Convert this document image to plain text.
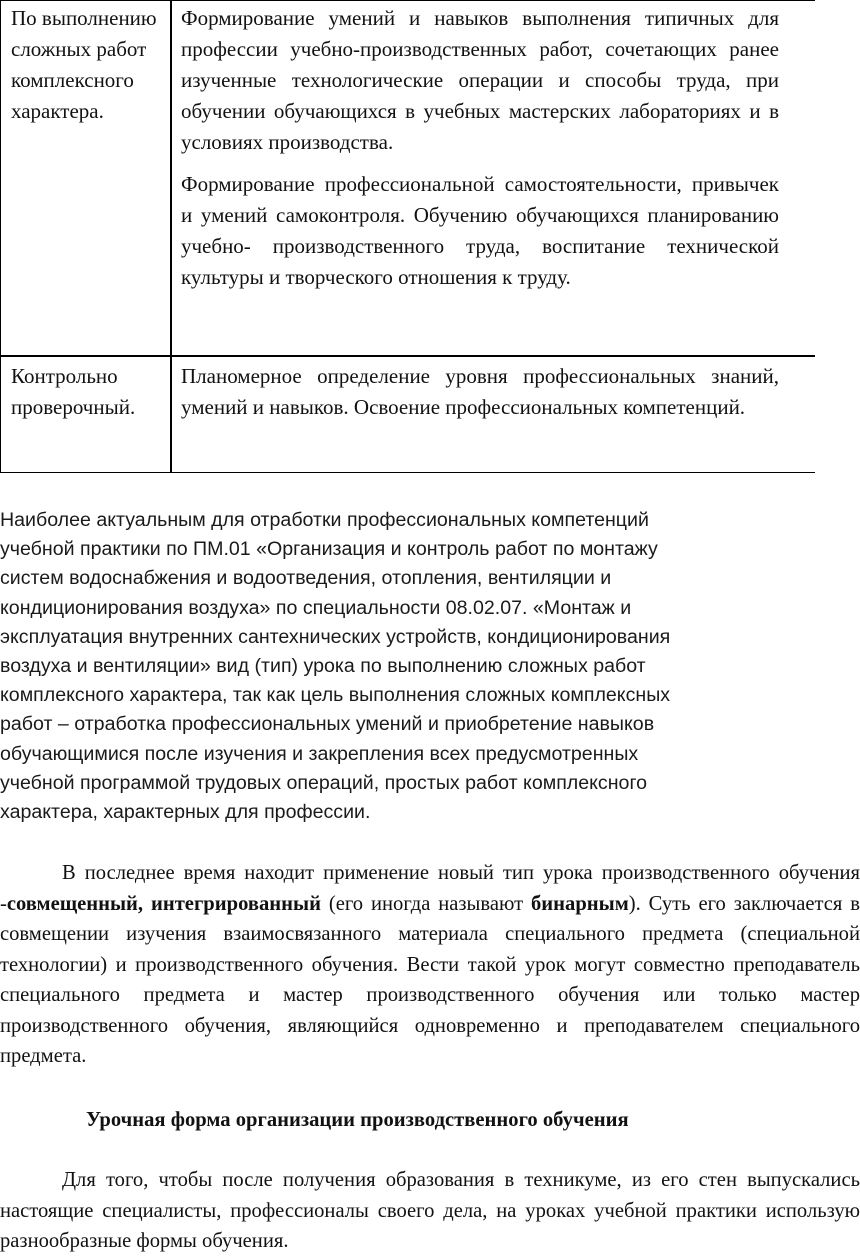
По выполнению сложных работ комплексного характера.

Формирование умений и навыков выполнения типичных для профессии учебно-производственных работ, сочетающих ранее изученные технологические операции и способы труда, при обучении обучающихся в учебных мастерских лабораториях и в условиях производства.

Формирование профессиональной самостоятельности, привычек и умений самоконтроля. Обучению обучающихся планированию учебно- производственного труда, воспитание технической культуры и творческого отношения к труду.

Контрольно проверочный.

Планомерное определение уровня профессиональных знаний, умений и навыков. Освоение профессиональных компетенций.

Наиболее актуальным для отработки профессиональных компетенций
учебной практики по ПМ.01 «Организация и контроль работ по монтажу
систем водоснабжения и водоотведения, отопления, вентиляции и
кондиционирования воздуха» по специальности 08.02.07. «Монтаж и
эксплуатация внутренних сантехнических устройств, кондиционирования
воздуха и вентиляции» вид (тип) урока по выполнению сложных работ
комплексного характера, так как цель выполнения сложных комплексных
работ – отработка профессиональных умений и приобретение навыков
обучающимися после изучения и закрепления всех предусмотренных
учебной программой трудовых операций, простых работ комплексного
характера, характерных для профессии.

В последнее время находит применение новый тип урока производственного обучения -совмещенный, интегрированный (его иногда называют бинарным). Суть его заключается в совмещении изучения взаимосвязанного материала специального предмета (специальной технологии) и производственного обучения. Вести такой урок могут совместно преподаватель специального предмета и мастер производственного обучения или только мастер производственного обучения, являющийся одновременно и преподавателем специального предмета.

Урочная форма организации производственного обучения

Для того, чтобы после получения образования в техникуме, из его стен выпускались настоящие специалисты, профессионалы своего дела, на уроках учебной практики использую разнообразные формы обучения.
